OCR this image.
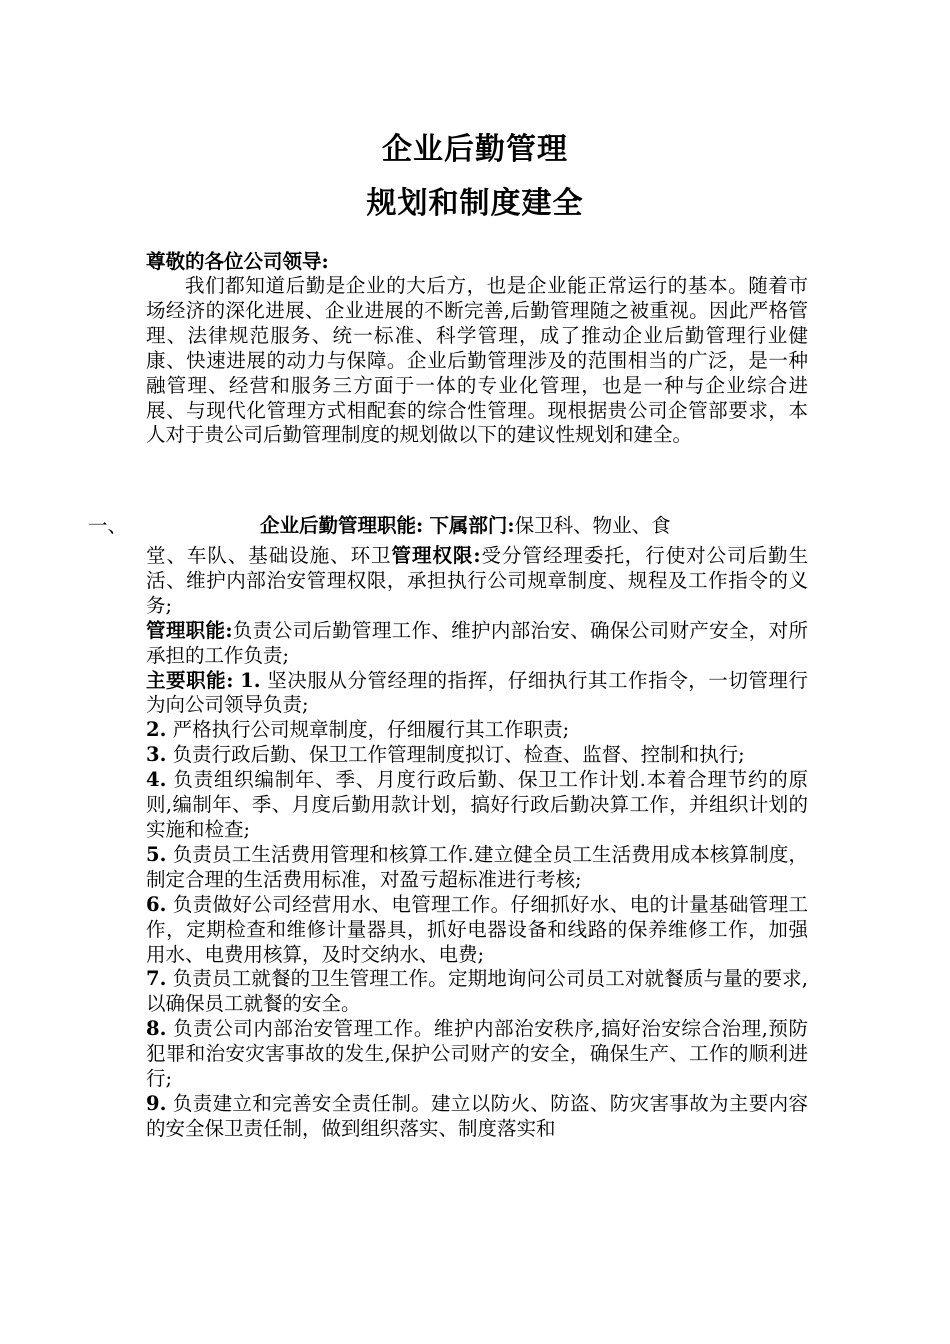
企业后勤管理
规划和制度建全
尊敬的各位公司领导:

我们都知道后勤是企业的大后方，也是企业能正常运行的基本。随着市场经济的深化进展、企业进展的不断完善,后勤管理随之被重视。因此严格管理、法律规范服务、统一标准、科学管理，成了推动企业后勤管理行业健康、快速进展的动力与保障。企业后勤管理涉及的范围相当的广泛，是一种融管理、经营和服务三方面于一体的专业化管理，也是一种与企业综合进展、与现代化管理方式相配套的综合性管理。现根据贵公司企管部要求，本人对于贵公司后勤管理制度的规划做以下的建议性规划和建全。

一、	企业后勤管理职能: 下属部门:保卫科、物业、食

堂、车队、基础设施、环卫管理权限:受分管经理委托，行使对公司后勤生活、维护内部治安管理权限，承担执行公司规章制度、规程及工作指令的义务;

管理职能:负责公司后勤管理工作、维护内部治安、确保公司财产安全，对所承担的工作负责;

主要职能: 1. 坚决服从分管经理的指挥，仔细执行其工作指令，一切管理行为向公司领导负责;

2. 严格执行公司规章制度，仔细履行其工作职责;

3. 负责行政后勤、保卫工作管理制度拟订、检查、监督、控制和执行;

4. 负责组织编制年、季、月度行政后勤、保卫工作计划.本着合理节约的原则,编制年、季、月度后勤用款计划，搞好行政后勤决算工作，并组织计划的实施和检查;

5. 负责员工生活费用管理和核算工作.建立健全员工生活费用成本核算制度，制定合理的生活费用标准，对盈亏超标准进行考核;

6. 负责做好公司经营用水、电管理工作。仔细抓好水、电的计量基础管理工作，定期检查和维修计量器具，抓好电器设备和线路的保养维修工作，加强用水、电费用核算，及时交纳水、电费;

7. 负责员工就餐的卫生管理工作。定期地询问公司员工对就餐质与量的要求,以确保员工就餐的安全。

8. 负责公司内部治安管理工作。维护内部治安秩序,搞好治安综合治理,预防犯罪和治安灾害事故的发生,保护公司财产的安全，确保生产、工作的顺利进行;

9. 负责建立和完善安全责任制。建立以防火、防盗、防灾害事故为主要内容的安全保卫责任制，做到组织落实、制度落实和
